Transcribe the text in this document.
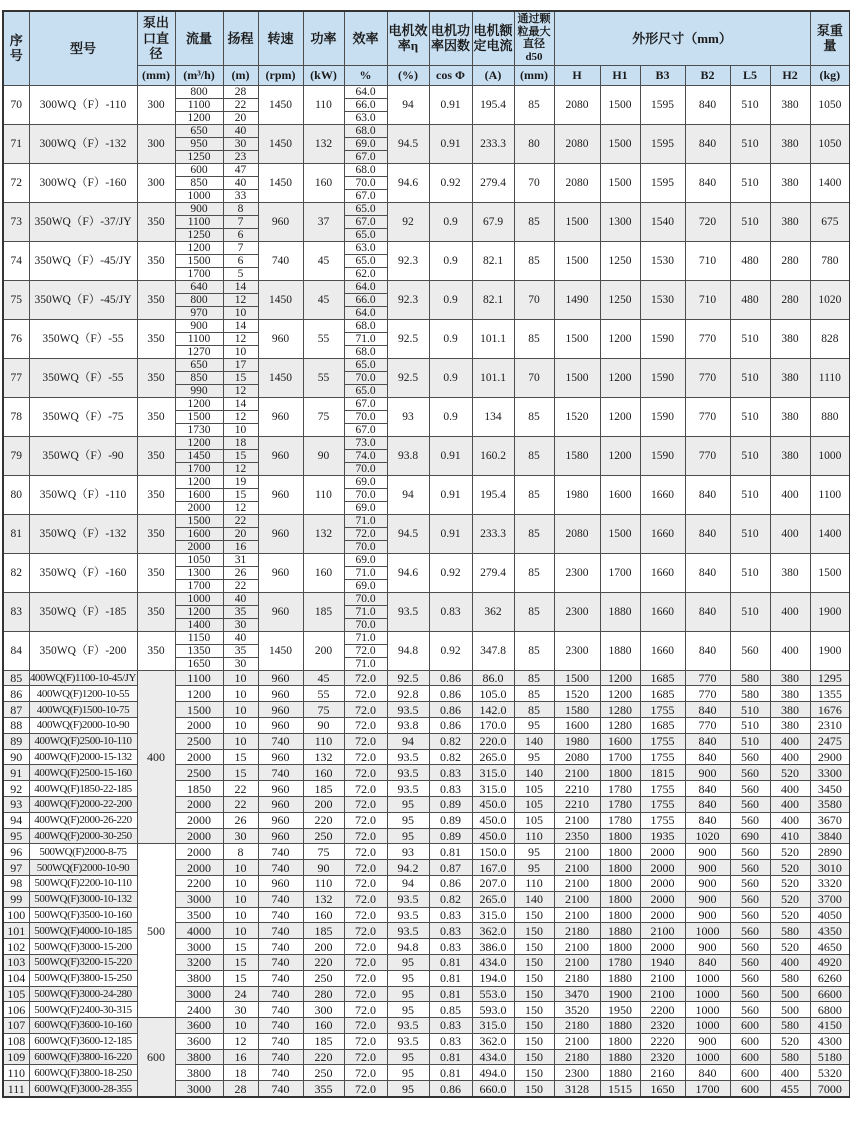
序号	型号	泵出口直径	流量	扬程	转速	功率	效率	电机效率η	电机功率因数	电机额定电流	通过颗粒最大直径d50	外形尺寸（mm）						泵重量
		(mm)	(m³/h)	(m)	(rpm)	(kW)	%	(%)	cos Φ	(A)	(mm)	H	H1	B3	B2	L5	H2	(kg)
70	300WQ（F）-110	300	800	28	1450	110	64.0	94	0.91	195.4	85	2080	1500	1595	840	510	380	1050
			1100	22			66.0											
			1200	20			63.0											
71	300WQ（F）-132	300	650	40	1450	132	68.0	94.5	0.91	233.3	80	2080	1500	1595	840	510	380	1050
			950	30			69.0											
			1250	23			67.0											
72	300WQ（F）-160	300	600	47	1450	160	68.0	94.6	0.92	279.4	70	2080	1500	1595	840	510	380	1400
			850	40			70.0											
			1000	33			67.0											
73	350WQ（F）-37/JY	350	900	8	960	37	65.0	92	0.9	67.9	85	1500	1300	1540	720	510	380	675
			1100	7			67.0											
			1250	6			65.0											
74	350WQ（F）-45/JY	350	1200	7	740	45	63.0	92.3	0.9	82.1	85	1500	1250	1530	710	480	280	780
			1500	6			65.0											
			1700	5			62.0											
75	350WQ（F）-45/JY	350	640	14	1450	45	64.0	92.3	0.9	82.1	70	1490	1250	1530	710	480	280	1020
			800	12			66.0											
			970	10			64.0											
76	350WQ（F）-55	350	900	14	960	55	68.0	92.5	0.9	101.1	85	1500	1200	1590	770	510	380	828
			1100	12			71.0											
			1270	10			68.0											
77	350WQ（F）-55	350	650	17	1450	55	65.0	92.5	0.9	101.1	70	1500	1200	1590	770	510	380	1110
			850	15			70.0											
			990	12			65.0											
78	350WQ（F）-75	350	1200	14	960	75	67.0	93	0.9	134	85	1520	1200	1590	770	510	380	880
			1500	12			70.0											
			1730	10			67.0											
79	350WQ（F）-90	350	1200	18	960	90	73.0	93.8	0.91	160.2	85	1580	1200	1590	770	510	380	1000
			1450	15			74.0											
			1700	12			70.0											
80	350WQ（F）-110	350	1200	19	960	110	69.0	94	0.91	195.4	85	1980	1600	1660	840	510	400	1100
			1600	15			70.0											
			2000	12			69.0											
81	350WQ（F）-132	350	1500	22	960	132	71.0	94.5	0.91	233.3	85	2080	1500	1660	840	510	400	1400
			1600	20			72.0											
			2000	16			70.0											
82	350WQ（F）-160	350	1050	31	960	160	69.0	94.6	0.92	279.4	85	2300	1700	1660	840	510	380	1500
			1300	26			71.0											
			1700	22			69.0											
83	350WQ（F）-185	350	1000	40	960	185	70.0	93.5	0.83	362	85	2300	1880	1660	840	510	400	1900
			1200	35			71.0											
			1400	30			70.0											
84	350WQ（F）-200	350	1150	40	1450	200	71.0	94.8	0.92	347.8	85	2300	1880	1660	840	560	400	1900
			1350	35			72.0											
			1650	30			71.0											
85	400WQ(F)1100-10-45/JY	400	1100	10	960	45	72.0	92.5	0.86	86.0	85	1500	1200	1685	770	580	380	1295
86	400WQ(F)1200-10-55		1200	10	960	55	72.0	92.8	0.86	105.0	85	1520	1200	1685	770	580	380	1355
87	400WQ(F)1500-10-75		1500	10	960	75	72.0	93.5	0.86	142.0	85	1580	1280	1755	840	510	380	1676
88	400WQ(F)2000-10-90		2000	10	960	90	72.0	93.8	0.86	170.0	95	1600	1280	1685	770	510	380	2310
89	400WQ(F)2500-10-110		2500	10	740	110	72.0	94	0.82	220.0	140	1980	1600	1755	840	510	400	2475
90	400WQ(F)2000-15-132		2000	15	960	132	72.0	93.5	0.82	265.0	95	2080	1700	1755	840	560	400	2900
91	400WQ(F)2500-15-160		2500	15	740	160	72.0	93.5	0.83	315.0	140	2100	1800	1815	900	560	520	3300
92	400WQ(F)1850-22-185		1850	22	960	185	72.0	93.5	0.83	315.0	105	2210	1780	1755	840	560	400	3450
93	400WQ(F)2000-22-200		2000	22	960	200	72.0	95	0.89	450.0	105	2210	1780	1755	840	560	400	3580
94	400WQ(F)2000-26-220		2000	26	960	220	72.0	95	0.89	450.0	105	2100	1780	1755	840	560	400	3670
95	400WQ(F)2000-30-250		2000	30	960	250	72.0	95	0.89	450.0	110	2350	1800	1935	1020	690	410	3840
96	500WQ(F)2000-8-75	500	2000	8	740	75	72.0	93	0.81	150.0	95	2100	1800	2000	900	560	520	2890
97	500WQ(F)2000-10-90		2000	10	740	90	72.0	94.2	0.87	167.0	95	2100	1800	2000	900	560	520	3010
98	500WQ(F)2200-10-110		2200	10	960	110	72.0	94	0.86	207.0	110	2100	1800	2000	900	560	520	3320
99	500WQ(F)3000-10-132		3000	10	740	132	72.0	93.5	0.82	265.0	140	2100	1800	2000	900	560	520	3700
100	500WQ(F)3500-10-160		3500	10	740	160	72.0	93.5	0.83	315.0	150	2100	1800	2000	900	560	520	4050
101	500WQ(F)4000-10-185		4000	10	740	185	72.0	93.5	0.83	362.0	150	2180	1880	2100	1000	560	580	4350
102	500WQ(F)3000-15-200		3000	15	740	200	72.0	94.8	0.83	386.0	150	2100	1800	2000	900	560	520	4650
103	500WQ(F)3200-15-220		3200	15	740	220	72.0	95	0.81	434.0	150	2100	1780	1940	840	560	400	4920
104	500WQ(F)3800-15-250		3800	15	740	250	72.0	95	0.81	194.0	150	2180	1880	2100	1000	560	580	6260
105	500WQ(F)3000-24-280		3000	24	740	280	72.0	95	0.81	553.0	150	3470	1900	2100	1000	560	500	6600
106	500WQ(F)2400-30-315		2400	30	740	300	72.0	95	0.85	593.0	150	3520	1950	2200	1000	560	500	6800
107	600WQ(F)3600-10-160	600	3600	10	740	160	72.0	93.5	0.83	315.0	150	2180	1880	2320	1000	600	580	4150
108	600WQ(F)3600-12-185		3600	12	740	185	72.0	93.5	0.83	362.0	150	2100	1800	2220	900	600	520	4300
109	600WQ(F)3800-16-220		3800	16	740	220	72.0	95	0.81	434.0	150	2180	1880	2320	1000	600	580	5180
110	600WQ(F)3800-18-250		3800	18	740	250	72.0	95	0.81	494.0	150	2300	1880	2160	840	600	400	5320
111	600WQ(F)3000-28-355		3000	28	740	355	72.0	95	0.86	660.0	150	3128	1515	1650	1700	600	455	7000
